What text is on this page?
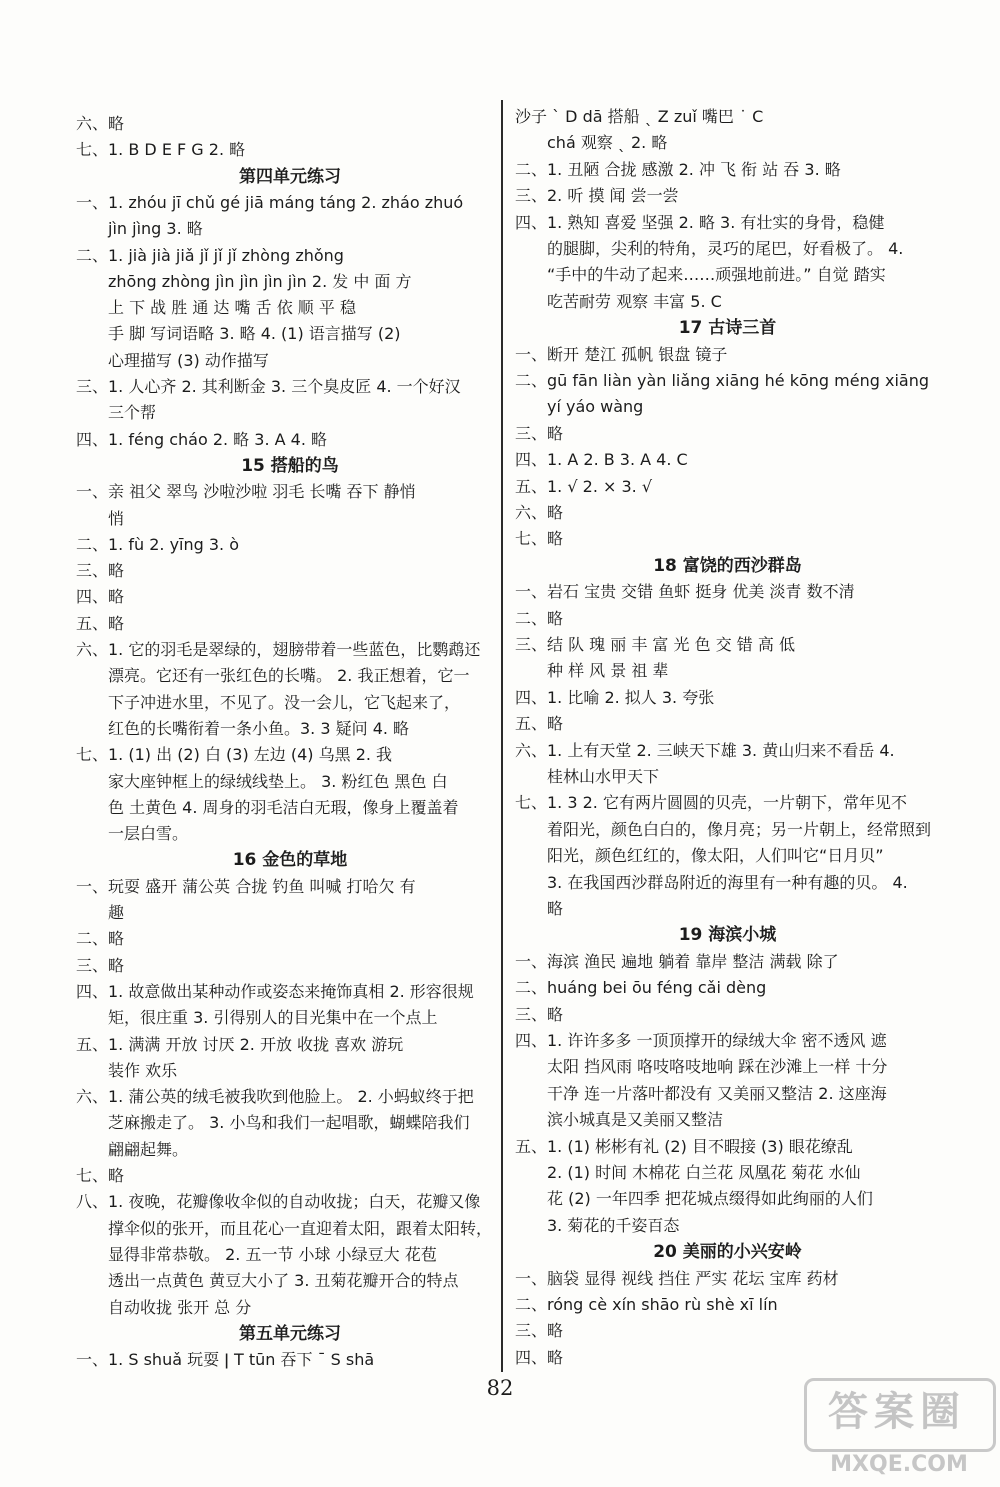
六、略
七、1. B D E F G 2. 略
第四单元练习
一、1. zhóu jī chǔ gé jiā máng táng 2. zháo zhuó
jìn jìng 3. 略
二、1. jià jià jiǎ jǐ jǐ jǐ zhòng zhǒng
zhōng zhòng jìn jìn jìn jìn 2. 发 中 面 方
上 下 战 胜 通 达 嘴 舌 依 顺 平 稳
手 脚 写词语略 3. 略 4. (1) 语言描写 (2)
心理描写 (3) 动作描写
三、1. 人心齐 2. 其利断金 3. 三个臭皮匠 4. 一个好汉
三个帮
四、1. féng cháo 2. 略 3. A 4. 略
15 搭船的鸟
一、亲 祖父 翠鸟 沙啦沙啦 羽毛 长嘴 吞下 静悄
悄
二、1. fù 2. yīng 3. ò
三、略
四、略
五、略
六、1. 它的羽毛是翠绿的，翅膀带着一些蓝色，比鹦鹉还
漂亮。它还有一张红色的长嘴。 2. 我正想着，它一
下子冲进水里，不见了。没一会儿，它飞起来了，
红色的长嘴衔着一条小鱼。3. 3 疑问 4. 略
七、1. (1) 出 (2) 白 (3) 左边 (4) 乌黑 2. 我
家大座钟框上的绿绒线垫上。 3. 粉红色 黑色 白
色 土黄色 4. 周身的羽毛洁白无瑕，像身上覆盖着
一层白雪。
16 金色的草地
一、玩耍 盛开 蒲公英 合拢 钓鱼 叫喊 打哈欠 有
趣
二、略
三、略
四、1. 故意做出某种动作或姿态来掩饰真相 2. 形容很规
矩，很庄重 3. 引得别人的目光集中在一个点上
五、1. 满满 开放 讨厌 2. 开放 收拢 喜欢 游玩
装作 欢乐
六、1. 蒲公英的绒毛被我吹到他脸上。 2. 小蚂蚁终于把
芝麻搬走了。 3. 小鸟和我们一起唱歌，蝴蝶陪我们
翩翩起舞。
七、略
八、1. 夜晚，花瓣像收伞似的自动收拢；白天，花瓣又像
撑伞似的张开，而且花心一直迎着太阳，跟着太阳转，
显得非常恭敬。 2. 五一节 小球 小绿豆大 花苞
透出一点黄色 黄豆大小了 3. 丑菊花瓣开合的特点
自动收拢 张开 总 分
第五单元练习
一、1. S shuǎ 玩耍 ǀ T tūn 吞下 ˉ S shā
沙子 ˋ D dā 搭船 ˎ Z zuǐ 嘴巴 ˙ C
chá 观察 ˎ 2. 略
二、1. 丑陋 合拢 感激 2. 冲 飞 衔 站 吞 3. 略
三、2. 听 摸 闻 尝一尝
四、1. 熟知 喜爱 坚强 2. 略 3. 有壮实的身骨，稳健
的腿脚，尖利的特角，灵巧的尾巴，好看极了。 4.
“手中的牛动了起来……顽强地前进。” 自觉 踏实
吃苦耐劳 观察 丰富 5. C
17 古诗三首
一、断开 楚江 孤帆 银盘 镜子
二、gū fān liàn yàn liǎng xiāng hé kōng méng xiāng
yí yáo wàng
三、略
四、1. A 2. B 3. A 4. C
五、1. √ 2. × 3. √
六、略
七、略
18 富饶的西沙群岛
一、岩石 宝贵 交错 鱼虾 挺身 优美 淡青 数不清
二、略
三、结 队 瑰 丽 丰 富 光 色 交 错 高 低
种 样 风 景 祖 辈
四、1. 比喻 2. 拟人 3. 夸张
五、略
六、1. 上有天堂 2. 三峡天下雄 3. 黄山归来不看岳 4.
桂林山水甲天下
七、1. 3 2. 它有两片圆圆的贝壳，一片朝下，常年见不
着阳光，颜色白白的，像月亮；另一片朝上，经常照到
阳光，颜色红红的，像太阳，人们叫它“日月贝”
3. 在我国西沙群岛附近的海里有一种有趣的贝。 4.
略
19 海滨小城
一、海滨 渔民 遍地 躺着 靠岸 整洁 满载 除了
二、huáng bei ōu féng cǎi dèng
三、略
四、1. 许许多多 一顶顶撑开的绿绒大伞 密不透风 遮
太阳 挡风雨 咯吱咯吱地响 踩在沙滩上一样 十分
干净 连一片落叶都没有 又美丽又整洁 2. 这座海
滨小城真是又美丽又整洁
五、1. (1) 彬彬有礼 (2) 目不暇接 (3) 眼花缭乱
2. (1) 时间 木棉花 白兰花 凤凰花 菊花 水仙
花 (2) 一年四季 把花城点缀得如此绚丽的人们
3. 菊花的千姿百态
20 美丽的小兴安岭
一、脑袋 显得 视线 挡住 严实 花坛 宝库 药材
二、róng cè xín shāo rù shè xī lín
三、略
四、略
82	答案圈
MXQE.COM
